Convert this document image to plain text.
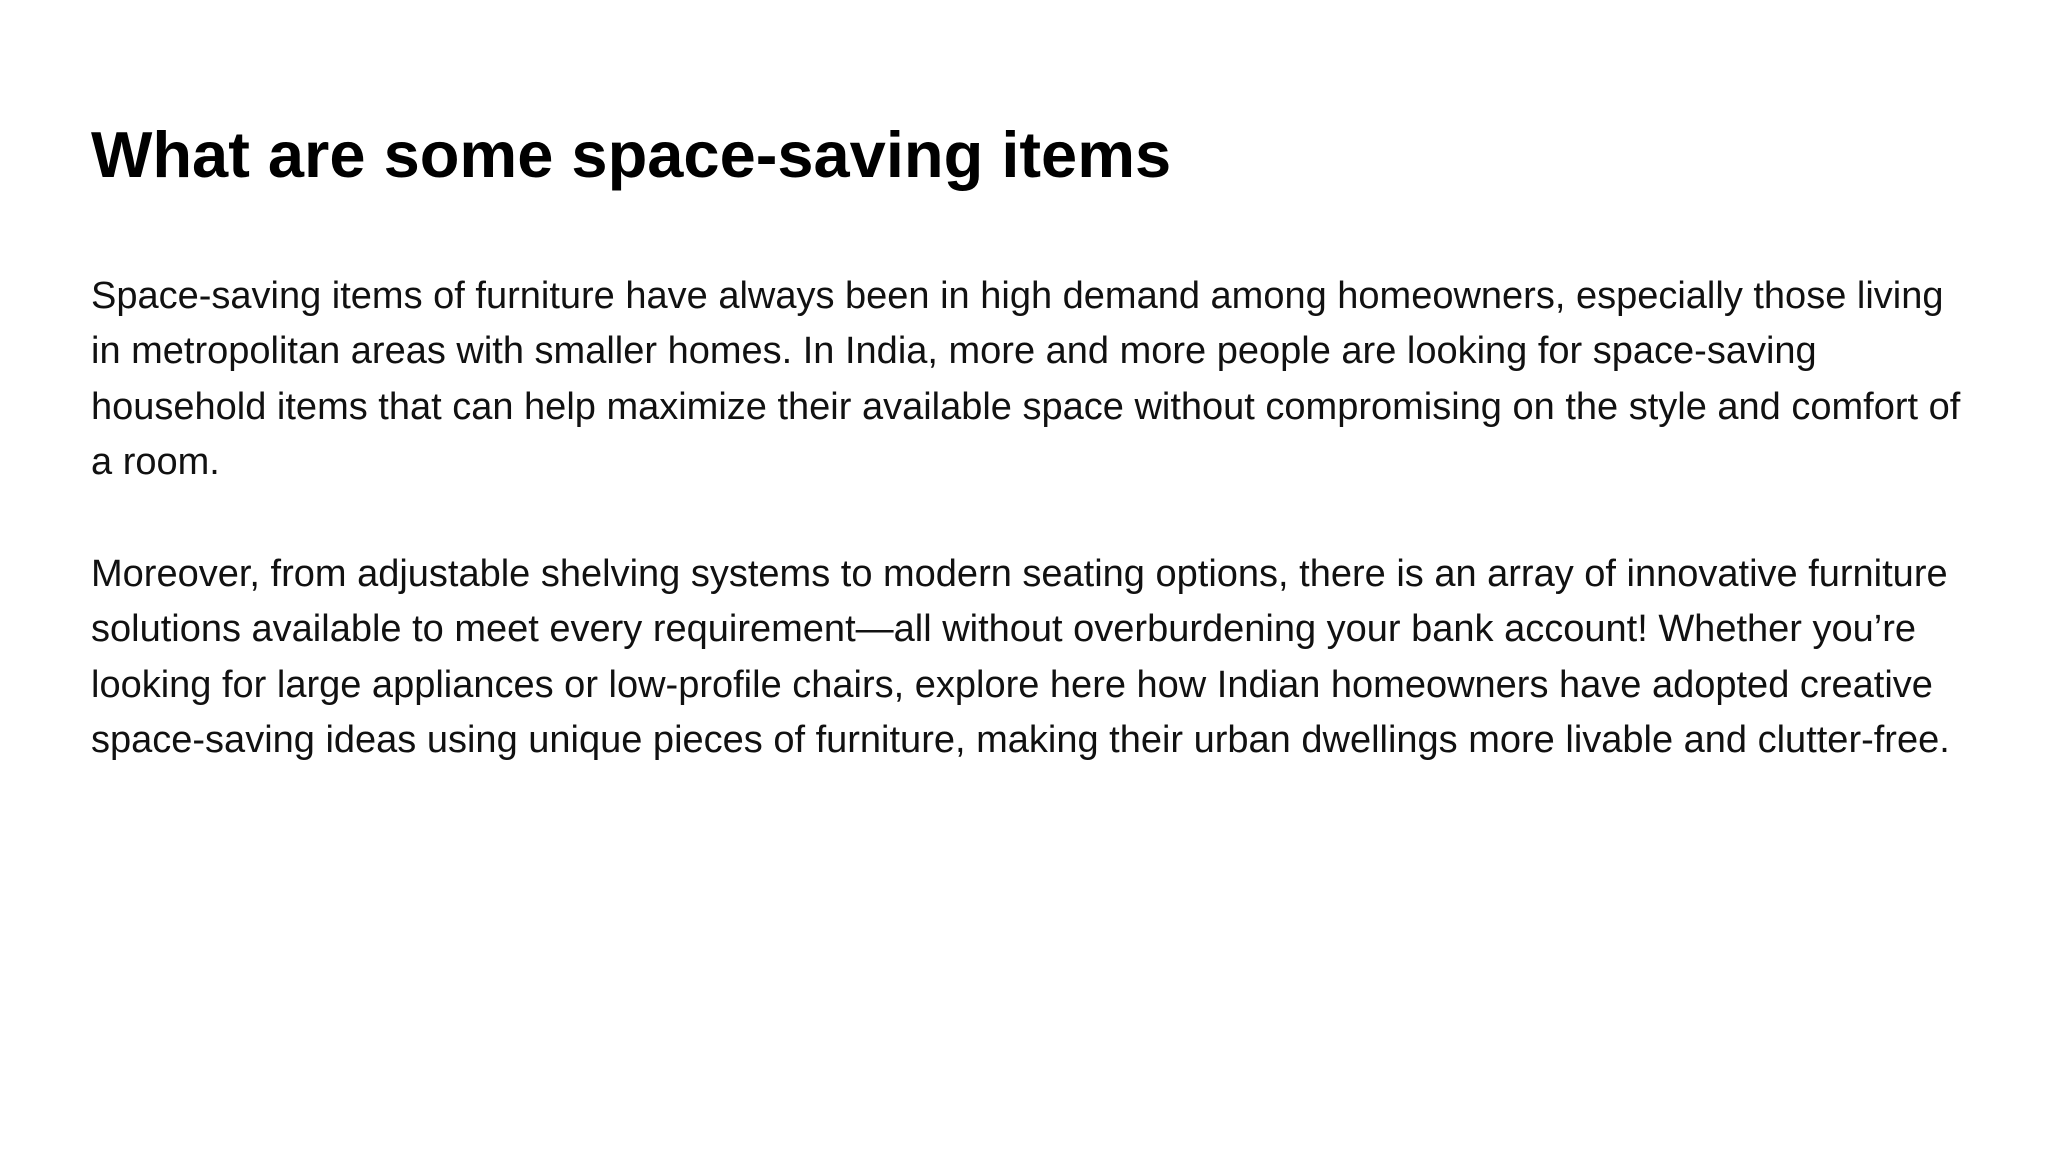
What are some space-saving items

Space-saving items of furniture have always been in high demand among homeowners, especially those living in metropolitan areas with smaller homes. In India, more and more people are looking for space-saving household items that can help maximize their available space without compromising on the style and comfort of a room.

Moreover, from adjustable shelving systems to modern seating options, there is an array of innovative furniture solutions available to meet every requirement—all without overburdening your bank account! Whether you’re looking for large appliances or low-profile chairs, explore here how Indian homeowners have adopted creative space-saving ideas using unique pieces of furniture, making their urban dwellings more livable and clutter-free.
